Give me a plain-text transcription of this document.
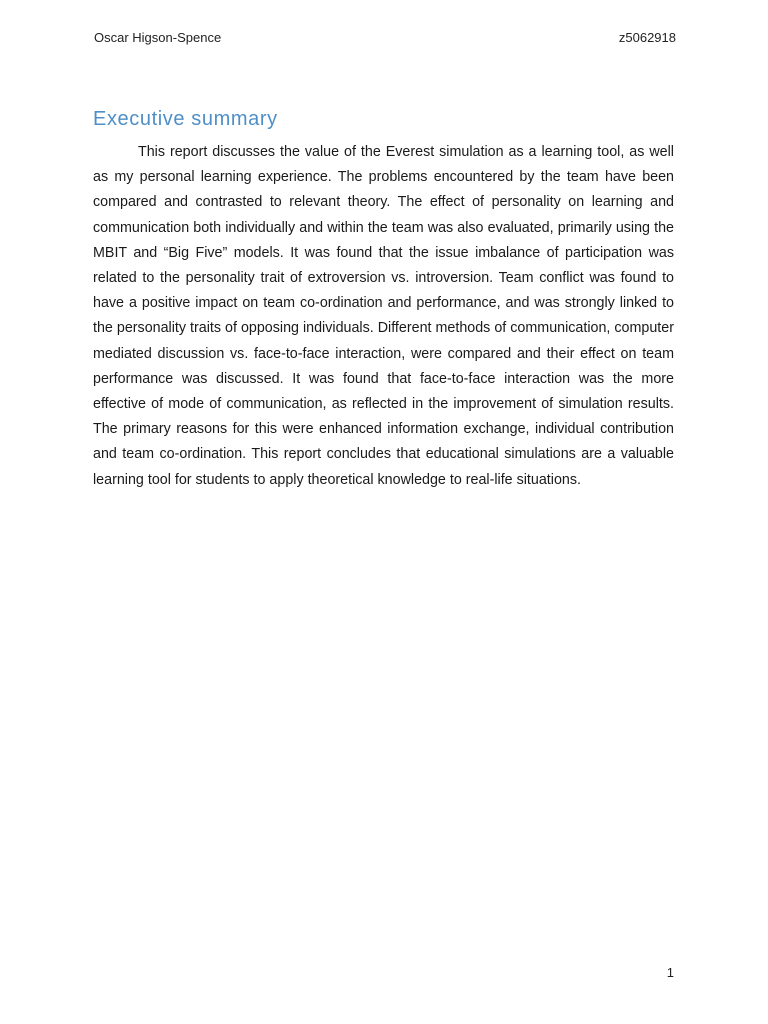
Oscar Higson-Spence	z5062918
Executive summary

This report discusses the value of the Everest simulation as a learning tool, as well as my personal learning experience. The problems encountered by the team have been compared and contrasted to relevant theory. The effect of personality on learning and communication both individually and within the team was also evaluated, primarily using the MBIT and “Big Five” models. It was found that the issue imbalance of participation was related to the personality trait of extroversion vs. introversion. Team conflict was found to have a positive impact on team co-ordination and performance, and was strongly linked to the personality traits of opposing individuals. Different methods of communication, computer mediated discussion vs. face-to-face interaction, were compared and their effect on team performance was discussed. It was found that face-to-face interaction was the more effective of mode of communication, as reflected in the improvement of simulation results. The primary reasons for this were enhanced information exchange, individual contribution and team co-ordination. This report concludes that educational simulations are a valuable learning tool for students to apply theoretical knowledge to real-life situations.

1
